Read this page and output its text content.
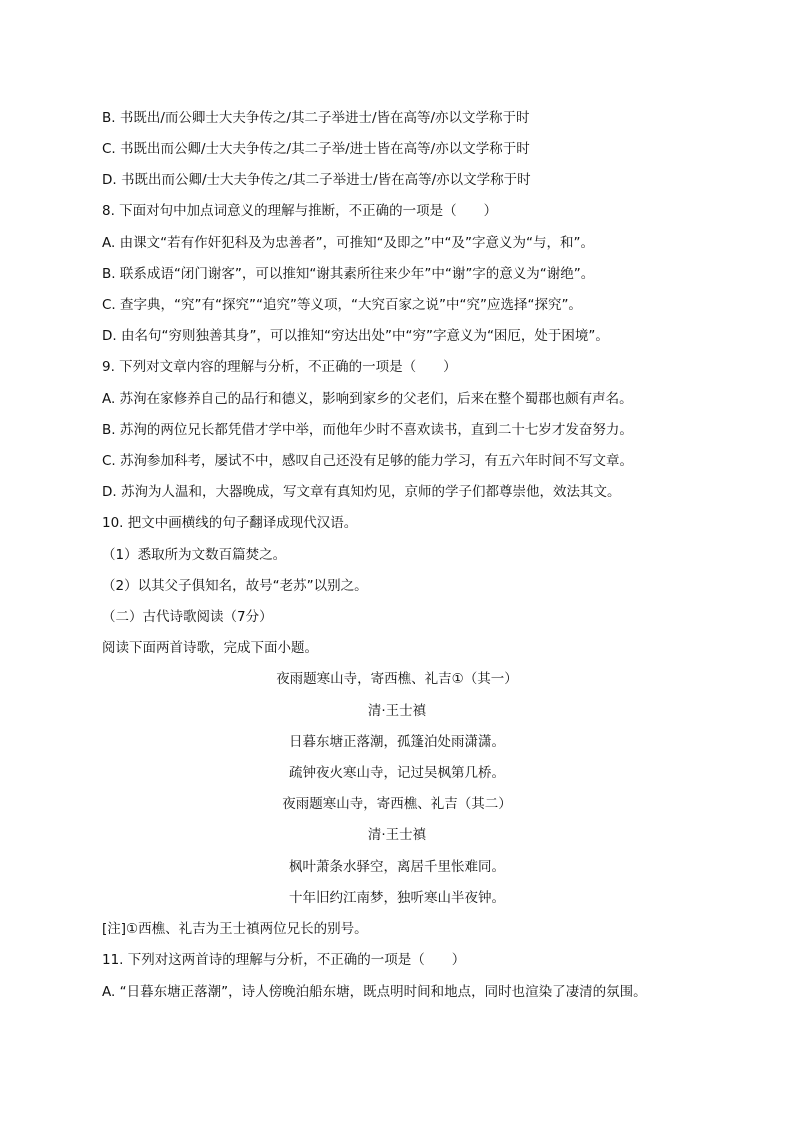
B. 书既出/而公卿士大夫争传之/其二子举进士/皆在高等/亦以文学称于时
C. 书既出而公卿/士大夫争传之/其二子举/进士皆在高等/亦以文学称于时
D. 书既出而公卿/士大夫争传之/其二子举进士/皆在高等/亦以文学称于时
8. 下面对句中加点词意义的理解与推断，不正确的一项是（　　）
A. 由课文“若有作奸犯科及为忠善者”，可推知“及即之”中“及”字意义为“与，和”。
B. 联系成语“闭门谢客”，可以推知“谢其素所往来少年”中“谢”字的意义为“谢绝”。
C. 查字典，“究”有“探究”“追究”等义项，“大究百家之说”中“究”应选择“探究”。
D. 由名句“穷则独善其身”，可以推知“穷达出处”中“穷”字意义为“困厄，处于困境”。
9. 下列对文章内容的理解与分析，不正确的一项是（　　）
A. 苏洵在家修养自己的品行和德义，影响到家乡的父老们，后来在整个蜀郡也颇有声名。
B. 苏洵的两位兄长都凭借才学中举，而他年少时不喜欢读书，直到二十七岁才发奋努力。
C. 苏洵参加科考，屡试不中，感叹自己还没有足够的能力学习，有五六年时间不写文章。
D. 苏洵为人温和，大器晚成，写文章有真知灼见，京师的学子们都尊崇他，效法其文。
10. 把文中画横线的句子翻译成现代汉语。
（1）悉取所为文数百篇焚之。
（2）以其父子俱知名，故号“老苏”以别之。
（二）古代诗歌阅读（7分）
阅读下面两首诗歌，完成下面小题。
夜雨题寒山寺，寄西樵、礼吉①（其一）
清·王士禛
日暮东塘正落潮，孤篷泊处雨潇潇。
疏钟夜火寒山寺，记过吴枫第几桥。
夜雨题寒山寺，寄西樵、礼吉（其二）
清·王士禛
枫叶萧条水驿空，离居千里怅难同。
十年旧约江南梦，独听寒山半夜钟。
[注]①西樵、礼吉为王士禛两位兄长的别号。
11. 下列对这两首诗的理解与分析，不正确的一项是（　　）
A. “日暮东塘正落潮”，诗人傍晚泊船东塘，既点明时间和地点，同时也渲染了凄清的氛围。
